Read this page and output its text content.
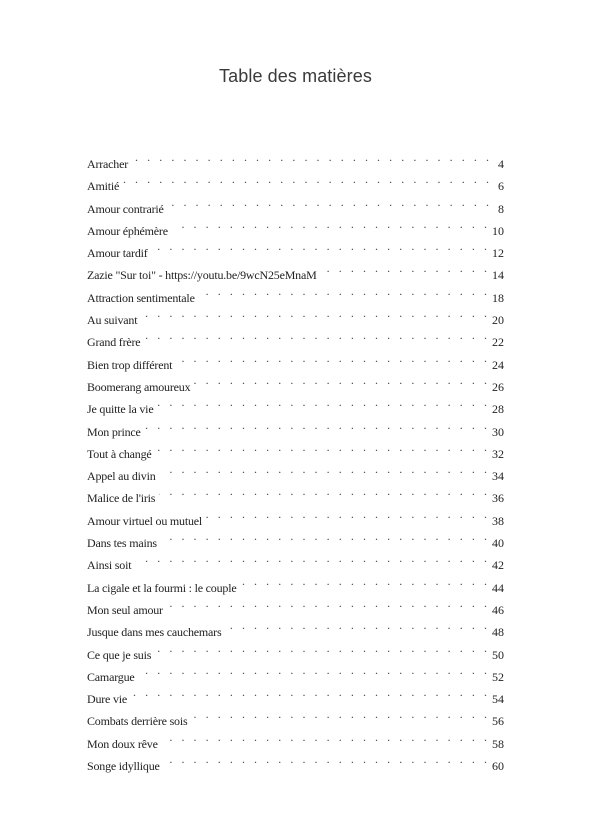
Table des matières
Arracher . . .	4
Amitié . . .	6
Amour contrarié . . .	8
Amour éphémère . . .	10
Amour tardif . . .	12
Zazie "Sur toi" - https://youtu.be/9wcN25eMnaM . . .	14
Attraction sentimentale . . .	18
Au suivant . . .	20
Grand frère . . .	22
Bien trop différent . . .	24
Boomerang amoureux . . .	26
Je quitte la vie . . .	28
Mon prince . . .	30
Tout à changé . . .	32
Appel au divin . . .	34
Malice de l'iris . . .	36
Amour virtuel ou mutuel . . .	38
Dans tes mains . . .	40
Ainsi soit . . .	42
La cigale et la fourmi : le couple . . .	44
Mon seul amour . . .	46
Jusque dans mes cauchemars . . .	48
Ce que je suis . . .	50
Camargue . . .	52
Dure vie . . .	54
Combats derrière sois . . .	56
Mon doux rêve . . .	58
Songe idyllique . . .	60
